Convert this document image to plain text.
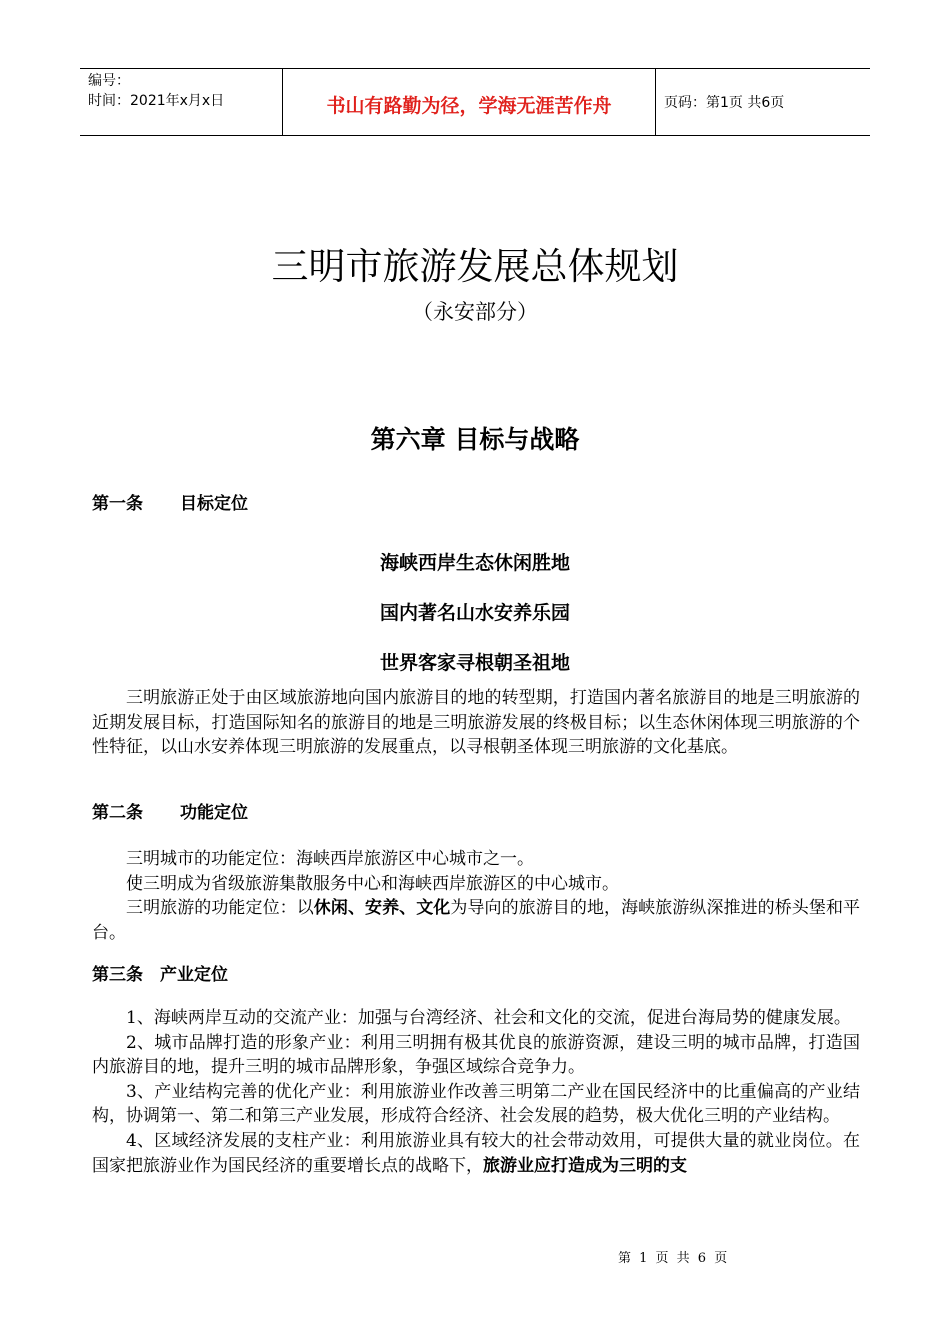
编号：
时间：2021年x月x日	书山有路勤为径，学海无涯苦作舟	页码：第1页 共6页
三明市旅游发展总体规划
（永安部分）
第六章 目标与战略
第一条 目标定位
海峡西岸生态休闲胜地
国内著名山水安养乐园
世界客家寻根朝圣祖地

三明旅游正处于由区域旅游地向国内旅游目的地的转型期，打造国内著名旅游目的地是三明旅游的近期发展目标，打造国际知名的旅游目的地是三明旅游发展的终极目标；以生态休闲体现三明旅游的个性特征，以山水安养体现三明旅游的发展重点，以寻根朝圣体现三明旅游的文化基底。

第二条 功能定位

三明城市的功能定位：海峡西岸旅游区中心城市之一。

使三明成为省级旅游集散服务中心和海峡西岸旅游区的中心城市。

三明旅游的功能定位：以休闲、安养、文化为导向的旅游目的地，海峡旅游纵深推进的桥头堡和平台。

第三条 产业定位

1、海峡两岸互动的交流产业：加强与台湾经济、社会和文化的交流，促进台海局势的健康发展。

2、城市品牌打造的形象产业：利用三明拥有极其优良的旅游资源，建设三明的城市品牌，打造国内旅游目的地，提升三明的城市品牌形象，争强区域综合竞争力。

3、产业结构完善的优化产业：利用旅游业作改善三明第二产业在国民经济中的比重偏高的产业结构，协调第一、第二和第三产业发展，形成符合经济、社会发展的趋势，极大优化三明的产业结构。

4、区域经济发展的支柱产业：利用旅游业具有较大的社会带动效用，可提供大量的就业岗位。在国家把旅游业作为国民经济的重要增长点的战略下，旅游业应打造成为三明的支

第 1 页 共 6 页
